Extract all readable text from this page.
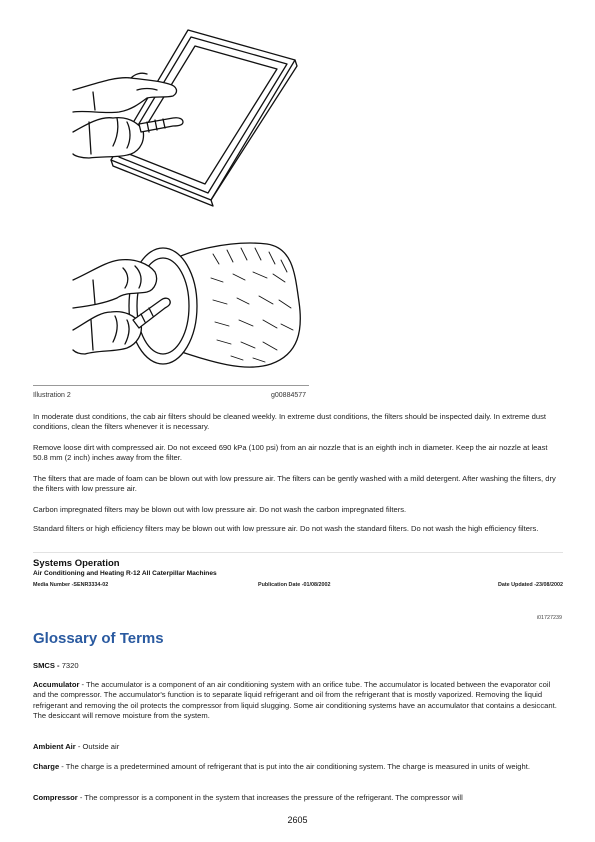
Illustration 2	g00884577

In moderate dust conditions, the cab air filters should be cleaned weekly. In extreme dust conditions, the filters should be inspected daily. In extreme dust conditions, clean the filters whenever it is necessary.

Remove loose dirt with compressed air. Do not exceed 690 kPa (100 psi) from an air nozzle that is an eighth inch in diameter. Keep the air nozzle at least 50.8 mm (2 inch) inches away from the filter.

The filters that are made of foam can be blown out with low pressure air. The filters can be gently washed with a mild detergent. After washing the filters, dry the filters with low pressure air.

Carbon impregnated filters may be blown out with low pressure air. Do not wash the carbon impregnated filters.

Standard filters or high efficiency filters may be blown out with low pressure air. Do not wash the standard filters. Do not wash the high efficiency filters.

Systems Operation
Air Conditioning and Heating R-12 All Caterpillar Machines
Media Number -SENR3334-02	Publication Date -01/08/2002	Date Updated -23/08/2002
i01727239
Glossary of Terms

SMCS - 7320

Accumulator - The accumulator is a component of an air conditioning system with an orifice tube. The accumulator is located between the evaporator coil and the compressor. The accumulator's function is to separate liquid refrigerant and oil from the refrigerant that is mostly vaporized. Removing the liquid refrigerant and removing the oil protects the compressor from liquid slugging. Some air conditioning systems have an accumulator that contains a desiccant. The desiccant will remove moisture from the system.

Ambient Air - Outside air

Charge - The charge is a predetermined amount of refrigerant that is put into the air conditioning system. The charge is measured in units of weight.

Compressor - The compressor is a component in the system that increases the pressure of the refrigerant. The compressor will

2605
